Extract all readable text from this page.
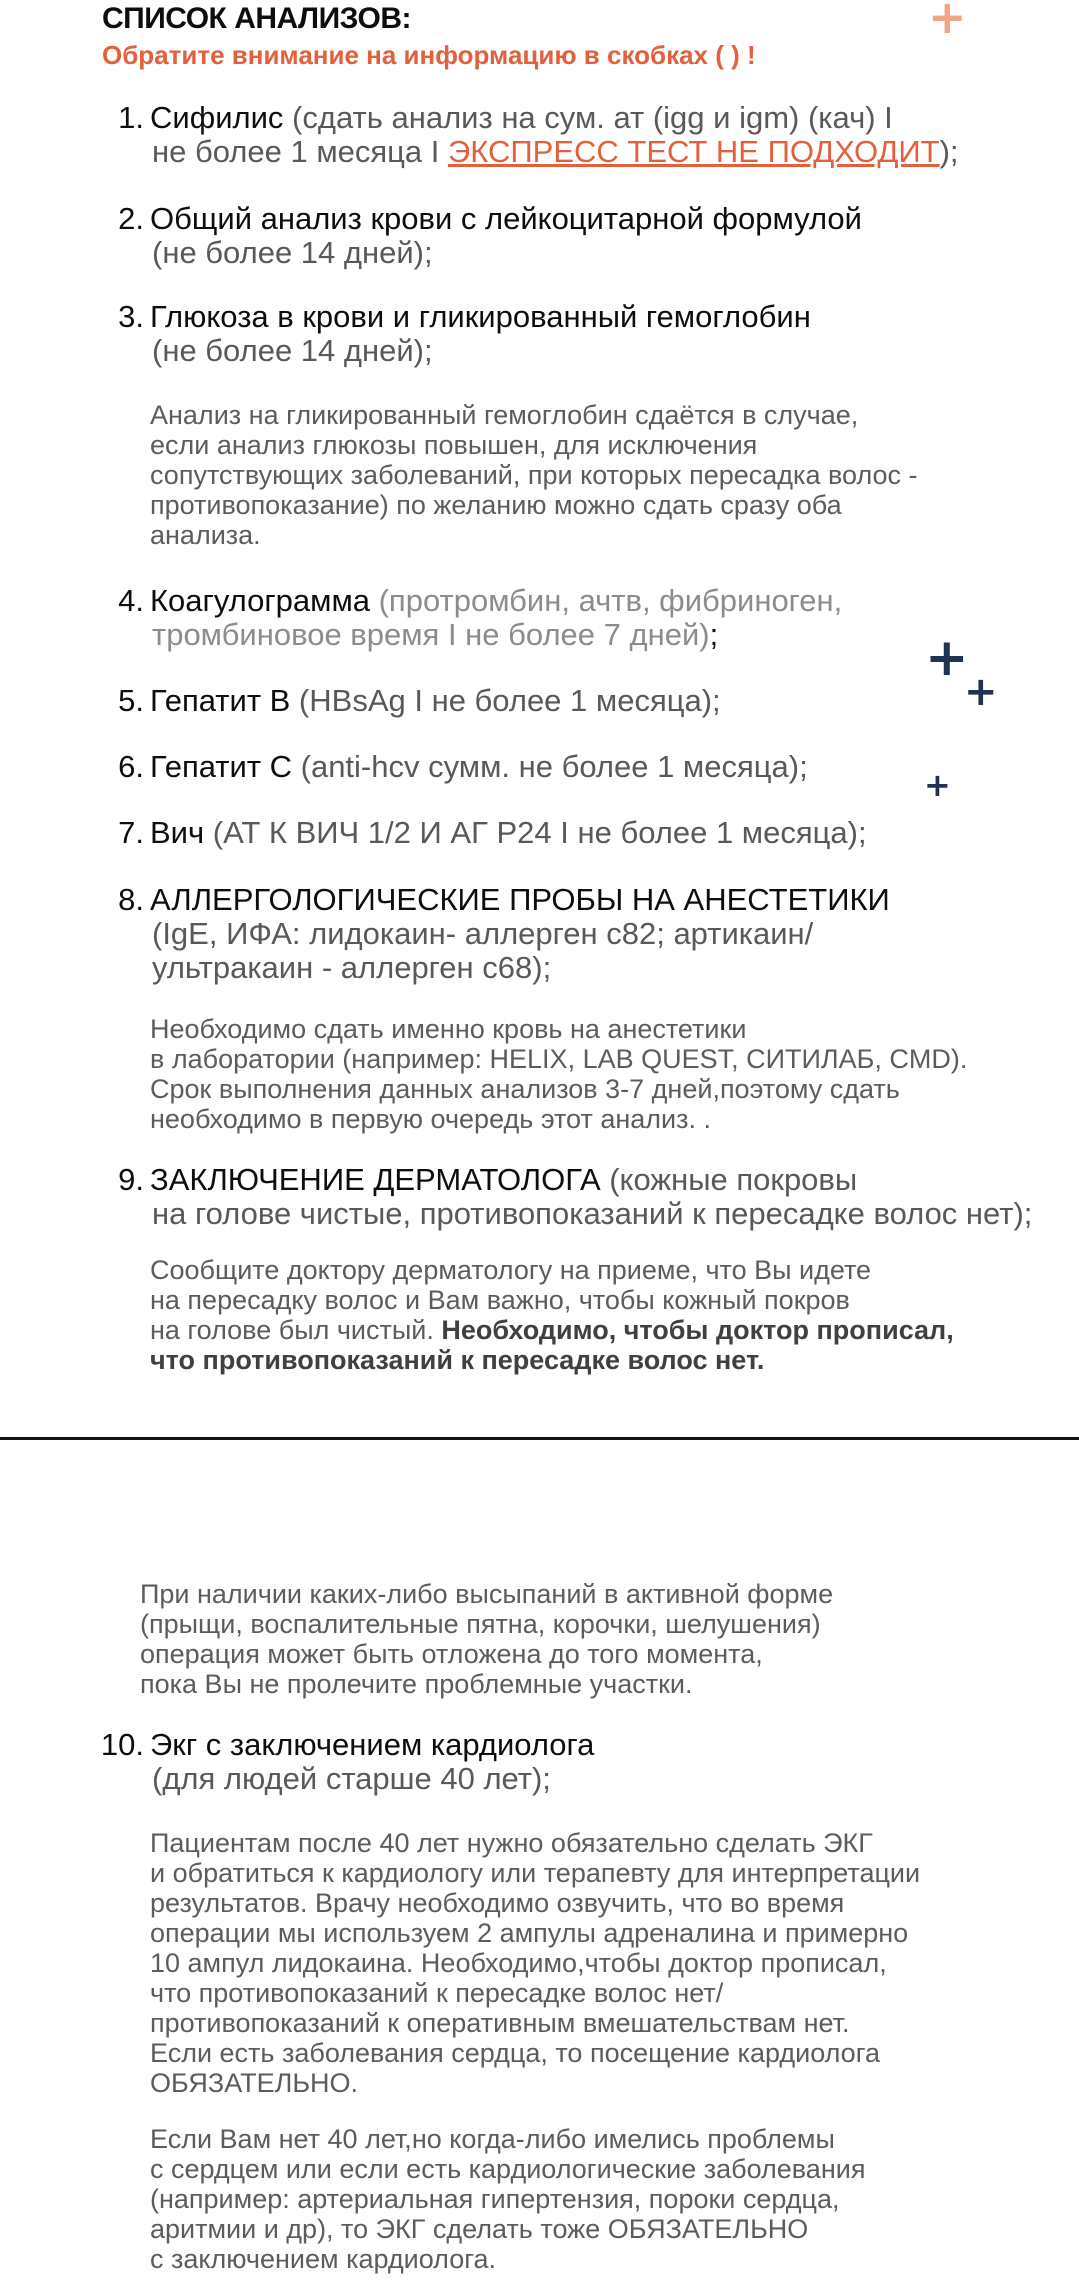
СПИСОК АНАЛИЗОВ:
Обратите внимание на информацию в скобках ( ) !
+
+
+
+
1. Сифилис (сдать анализ на сум. ат (igg и igm) (кач) I
не более 1 месяца I ЭКСПРЕСС ТЕСТ НЕ ПОДХОДИТ);
2. Общий анализ крови с лейкоцитарной формулой
(не более 14 дней);
3. Глюкоза в крови и гликированный гемоглобин
(не более 14 дней);
Анализ на гликированный гемоглобин сдаётся в случае,
если анализ глюкозы повышен, для исключения
сопутствующих заболеваний, при которых пересадка волос -
противопоказание) по желанию можно сдать сразу оба
анализа.
4. Коагулограмма (протромбин, ачтв, фибриноген,
тромбиновое время I не более 7 дней);
5. Гепатит В (HBsAg I не более 1 месяца);
6. Гепатит С (anti-hcv сумм. не более 1 месяца);
7. Вич (АТ К ВИЧ 1/2 И АГ Р24 I не более 1 месяца);
8. АЛЛЕРГОЛОГИЧЕСКИЕ ПРОБЫ НА АНЕСТЕТИКИ
(IgE, ИФА: лидокаин- аллерген с82; артикаин/
ультракаин - аллерген с68);
Необходимо сдать именно кровь на анестетики
в лаборатории (например: HELIX, LAB QUEST, СИТИЛАБ, CMD).
Срок выполнения данных анализов 3-7 дней,поэтому сдать
необходимо в первую очередь этот анализ. .
9. ЗАКЛЮЧЕНИЕ ДЕРМАТОЛОГА (кожные покровы
на голове чистые, противопоказаний к пересадке волос нет);
Сообщите доктору дерматологу на приеме, что Вы идете
на пересадку волос и Вам важно, чтобы кожный покров
на голове был чистый. Необходимо, чтобы доктор прописал,
что противопоказаний к пересадке волос нет.
При наличии каких-либо высыпаний в активной форме
(прыщи, воспалительные пятна, корочки, шелушения)
операция может быть отложена до того момента,
пока Вы не пролечите проблемные участки.
10. Экг с заключением кардиолога
(для людей старше 40 лет);
Пациентам после 40 лет нужно обязательно сделать ЭКГ
и обратиться к кардиологу или терапевту для интерпретации
результатов. Врачу необходимо озвучить, что во время
операции мы используем 2 ампулы адреналина и примерно
10 ампул лидокаина. Необходимо,чтобы доктор прописал,
что противопоказаний к пересадке волос нет/
противопоказаний к оперативным вмешательствам нет.
Если есть заболевания сердца, то посещение кардиолога
ОБЯЗАТЕЛЬНО.
Если Вам нет 40 лет,но когда-либо имелись проблемы
с сердцем или если есть кардиологические заболевания
(например: артериальная гипертензия, пороки сердца,
аритмии и др), то ЭКГ сделать тоже ОБЯЗАТЕЛЬНО
с заключением кардиолога.
